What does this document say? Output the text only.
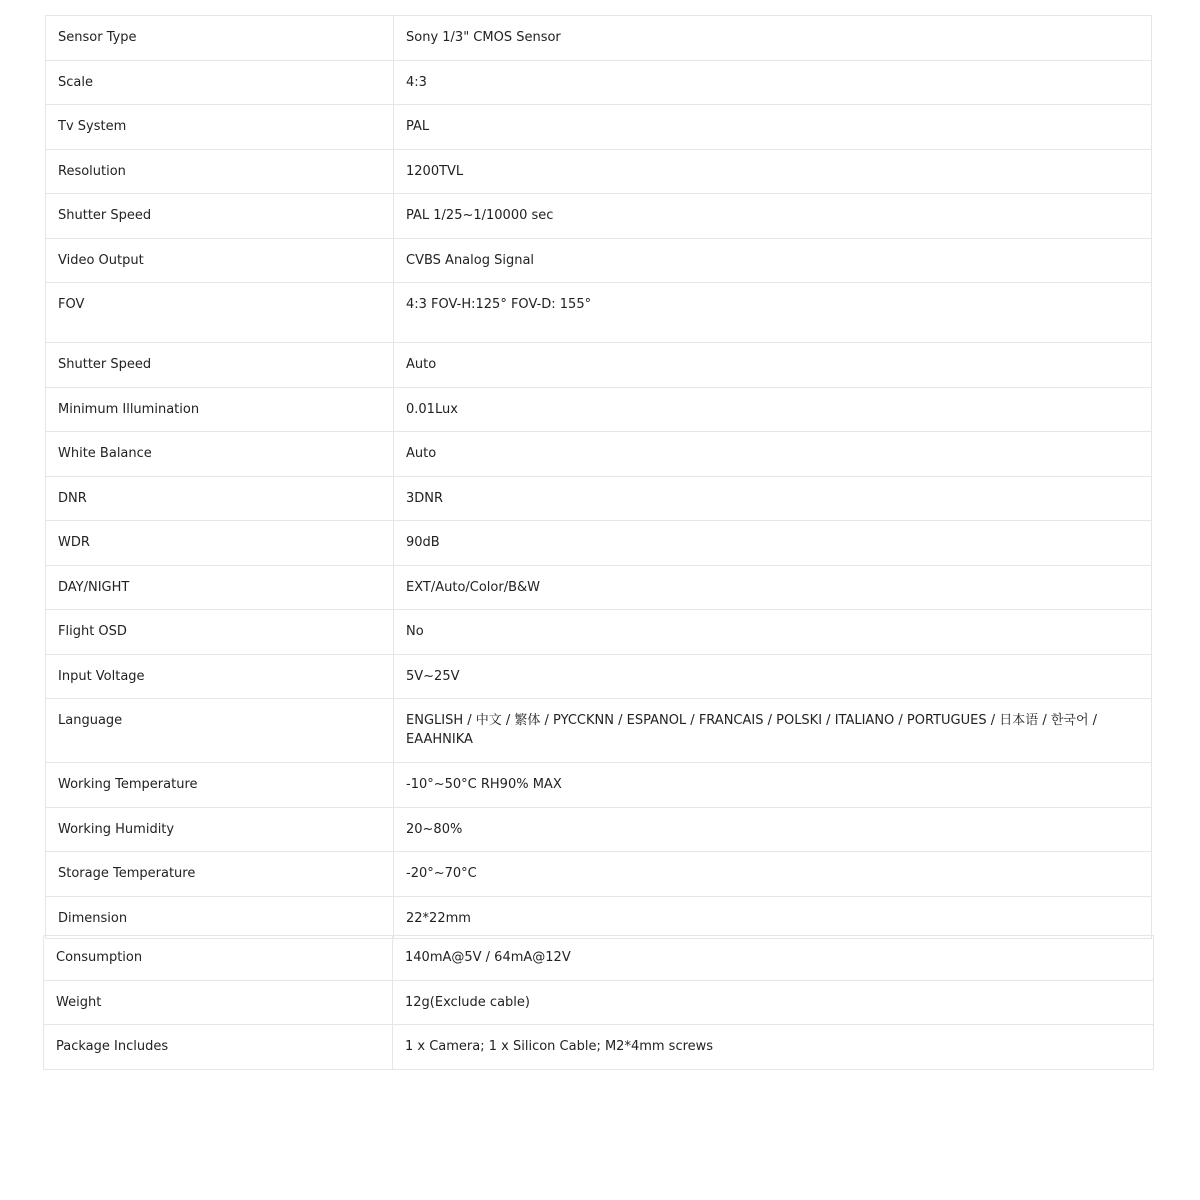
Sensor Type	Sony 1/3" CMOS Sensor
Scale	4:3
Tv System	PAL
Resolution	1200TVL
Shutter Speed	PAL 1/25~1/10000 sec
Video Output	CVBS Analog Signal
FOV	4:3 FOV-H:125° FOV-D: 155°
Shutter Speed	Auto
Minimum Illumination	0.01Lux
White Balance	Auto
DNR	3DNR
WDR	90dB
DAY/NIGHT	EXT/Auto/Color/B&W
Flight OSD	No
Input Voltage	5V~25V
Language	ENGLISH / 中文 / 繁体 / PYCCKNN / ESPANOL / FRANCAIS / POLSKI / ITALIANO / PORTUGUES / 日本语 / 한국어 / EAAHNIKA
Working Temperature	-10°~50°C RH90% MAX
Working Humidity	20~80%
Storage Temperature	-20°~70°C
Dimension	22*22mm
Consumption	140mA@5V / 64mA@12V
Weight	12g(Exclude cable)
Package Includes	1 x Camera; 1 x Silicon Cable; M2*4mm screws
